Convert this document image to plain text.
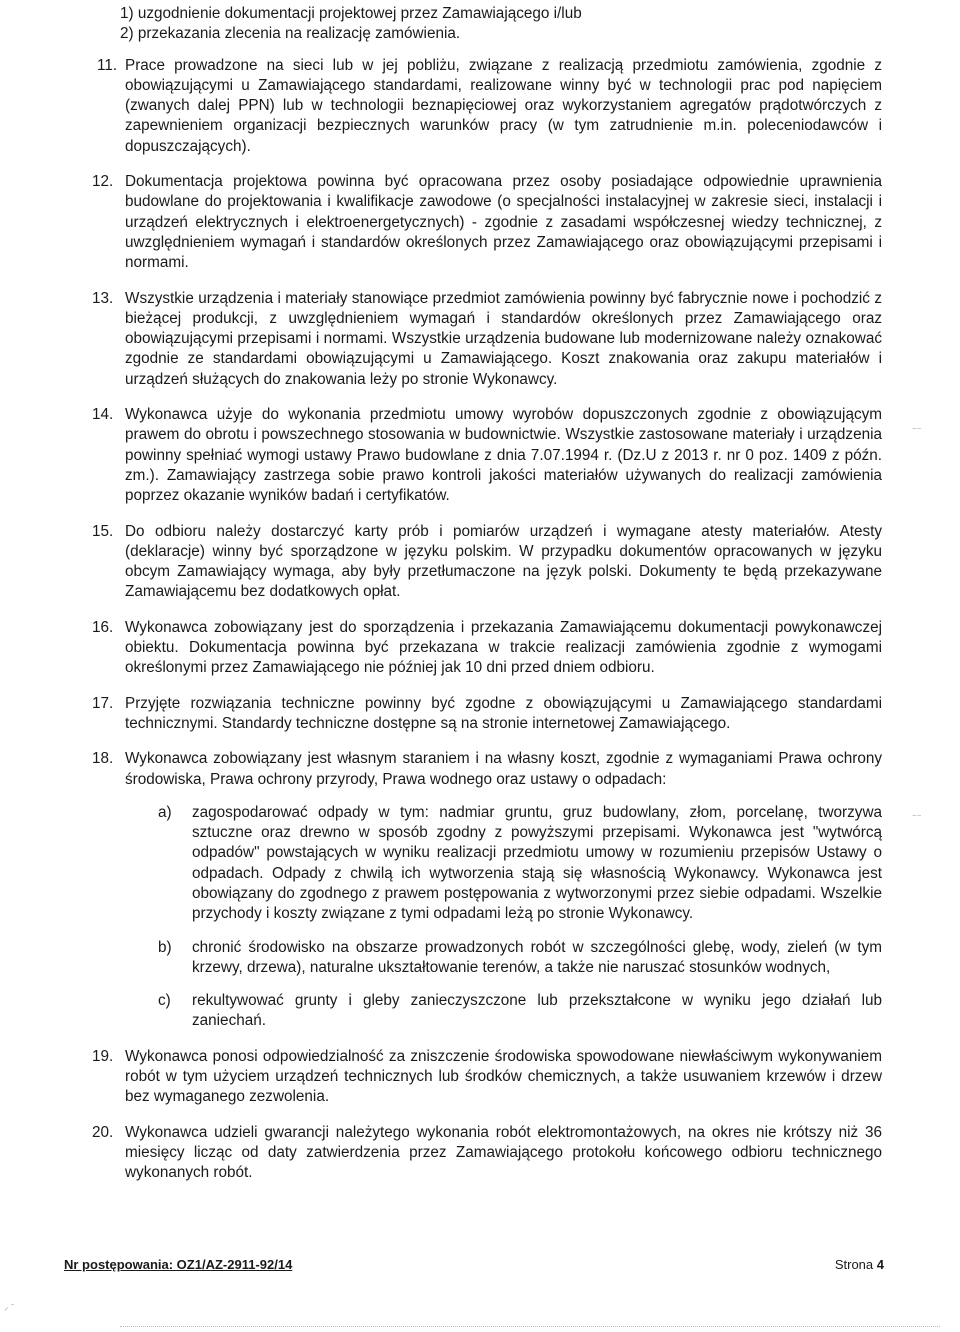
1) uzgodnienie dokumentacji projektowej przez Zamawiającego i/lub
2) przekazania zlecenia na realizację zamówienia.
11. Prace prowadzone na sieci lub w jej pobliżu, związane z realizacją przedmiotu zamówienia, zgodnie z obowiązującymi u Zamawiającego standardami, realizowane winny być w technologii prac pod napięciem (zwanych dalej PPN) lub w technologii beznapięciowej oraz wykorzystaniem agregatów prądotwórczych z zapewnieniem organizacji bezpiecznych warunków pracy (w tym zatrudnienie m.in. poleceniodawców i dopuszczających).
12. Dokumentacja projektowa powinna być opracowana przez osoby posiadające odpowiednie uprawnienia budowlane do projektowania i kwalifikacje zawodowe (o specjalności instalacyjnej w zakresie sieci, instalacji i urządzeń elektrycznych i elektroenergetycznych) - zgodnie z zasadami współczesnej wiedzy technicznej, z uwzględnieniem wymagań i standardów określonych przez Zamawiającego oraz obowiązującymi przepisami i normami.
13. Wszystkie urządzenia i materiały stanowiące przedmiot zamówienia powinny być fabrycznie nowe i pochodzić z bieżącej produkcji, z uwzględnieniem wymagań i standardów określonych przez Zamawiającego oraz obowiązującymi przepisami i normami. Wszystkie urządzenia budowane lub modernizowane należy oznakować zgodnie ze standardami obowiązującymi u Zamawiającego. Koszt znakowania oraz zakupu materiałów i urządzeń służących do znakowania leży po stronie Wykonawcy.
14. Wykonawca użyje do wykonania przedmiotu umowy wyrobów dopuszczonych zgodnie z obowiązującym prawem do obrotu i powszechnego stosowania w budownictwie. Wszystkie zastosowane materiały i urządzenia powinny spełniać wymogi ustawy Prawo budowlane z dnia 7.07.1994 r. (Dz.U z 2013 r. nr 0 poz. 1409 z późn. zm.). Zamawiający zastrzega sobie prawo kontroli jakości materiałów używanych do realizacji zamówienia poprzez okazanie wyników badań i certyfikatów.
15. Do odbioru należy dostarczyć karty prób i pomiarów urządzeń i wymagane atesty materiałów. Atesty (deklaracje) winny być sporządzone w języku polskim. W przypadku dokumentów opracowanych w języku obcym Zamawiający wymaga, aby były przetłumaczone na język polski. Dokumenty te będą przekazywane Zamawiającemu bez dodatkowych opłat.
16. Wykonawca zobowiązany jest do sporządzenia i przekazania Zamawiającemu dokumentacji powykonawczej obiektu. Dokumentacja powinna być przekazana w trakcie realizacji zamówienia zgodnie z wymogami określonymi przez Zamawiającego nie później jak 10 dni przed dniem odbioru.
17. Przyjęte rozwiązania techniczne powinny być zgodne z obowiązującymi u Zamawiającego standardami technicznymi. Standardy techniczne dostępne są na stronie internetowej Zamawiającego.
18. Wykonawca zobowiązany jest własnym staraniem i na własny koszt, zgodnie z wymaganiami Prawa ochrony środowiska, Prawa ochrony przyrody, Prawa wodnego oraz ustawy o odpadach:
a) zagospodarować odpady w tym: nadmiar gruntu, gruz budowlany, złom, porcelanę, tworzywa sztuczne oraz drewno w sposób zgodny z powyższymi przepisami. Wykonawca jest "wytwórcą odpadów" powstających w wyniku realizacji przedmiotu umowy w rozumieniu przepisów Ustawy o odpadach. Odpady z chwilą ich wytworzenia stają się własnością Wykonawcy. Wykonawca jest obowiązany do zgodnego z prawem postępowania z wytworzonymi przez siebie odpadami. Wszelkie przychody i koszty związane z tymi odpadami leżą po stronie Wykonawcy.
b) chronić środowisko na obszarze prowadzonych robót w szczególności glebę, wody, zieleń (w tym krzewy, drzewa), naturalne ukształtowanie terenów, a także nie naruszać stosunków wodnych,
c) rekultywować grunty i gleby zanieczyszczone lub przekształcone w wyniku jego działań lub zaniechań.
19. Wykonawca ponosi odpowiedzialność za zniszczenie środowiska spowodowane niewłaściwym wykonywaniem robót w tym użyciem urządzeń technicznych lub środków chemicznych, a także usuwaniem krzewów i drzew bez wymaganego zezwolenia.
20. Wykonawca udzieli gwarancji należytego wykonania robót elektromontażowych, na okres nie krótszy niż 36 miesięcy licząc od daty zatwierdzenia przez Zamawiającego protokołu końcowego odbioru technicznego wykonanych robót.
Nr postępowania: OZ1/AZ-2911-92/14	Strona 4
⁻⁻
⁻⁻
⸝ ⁻
